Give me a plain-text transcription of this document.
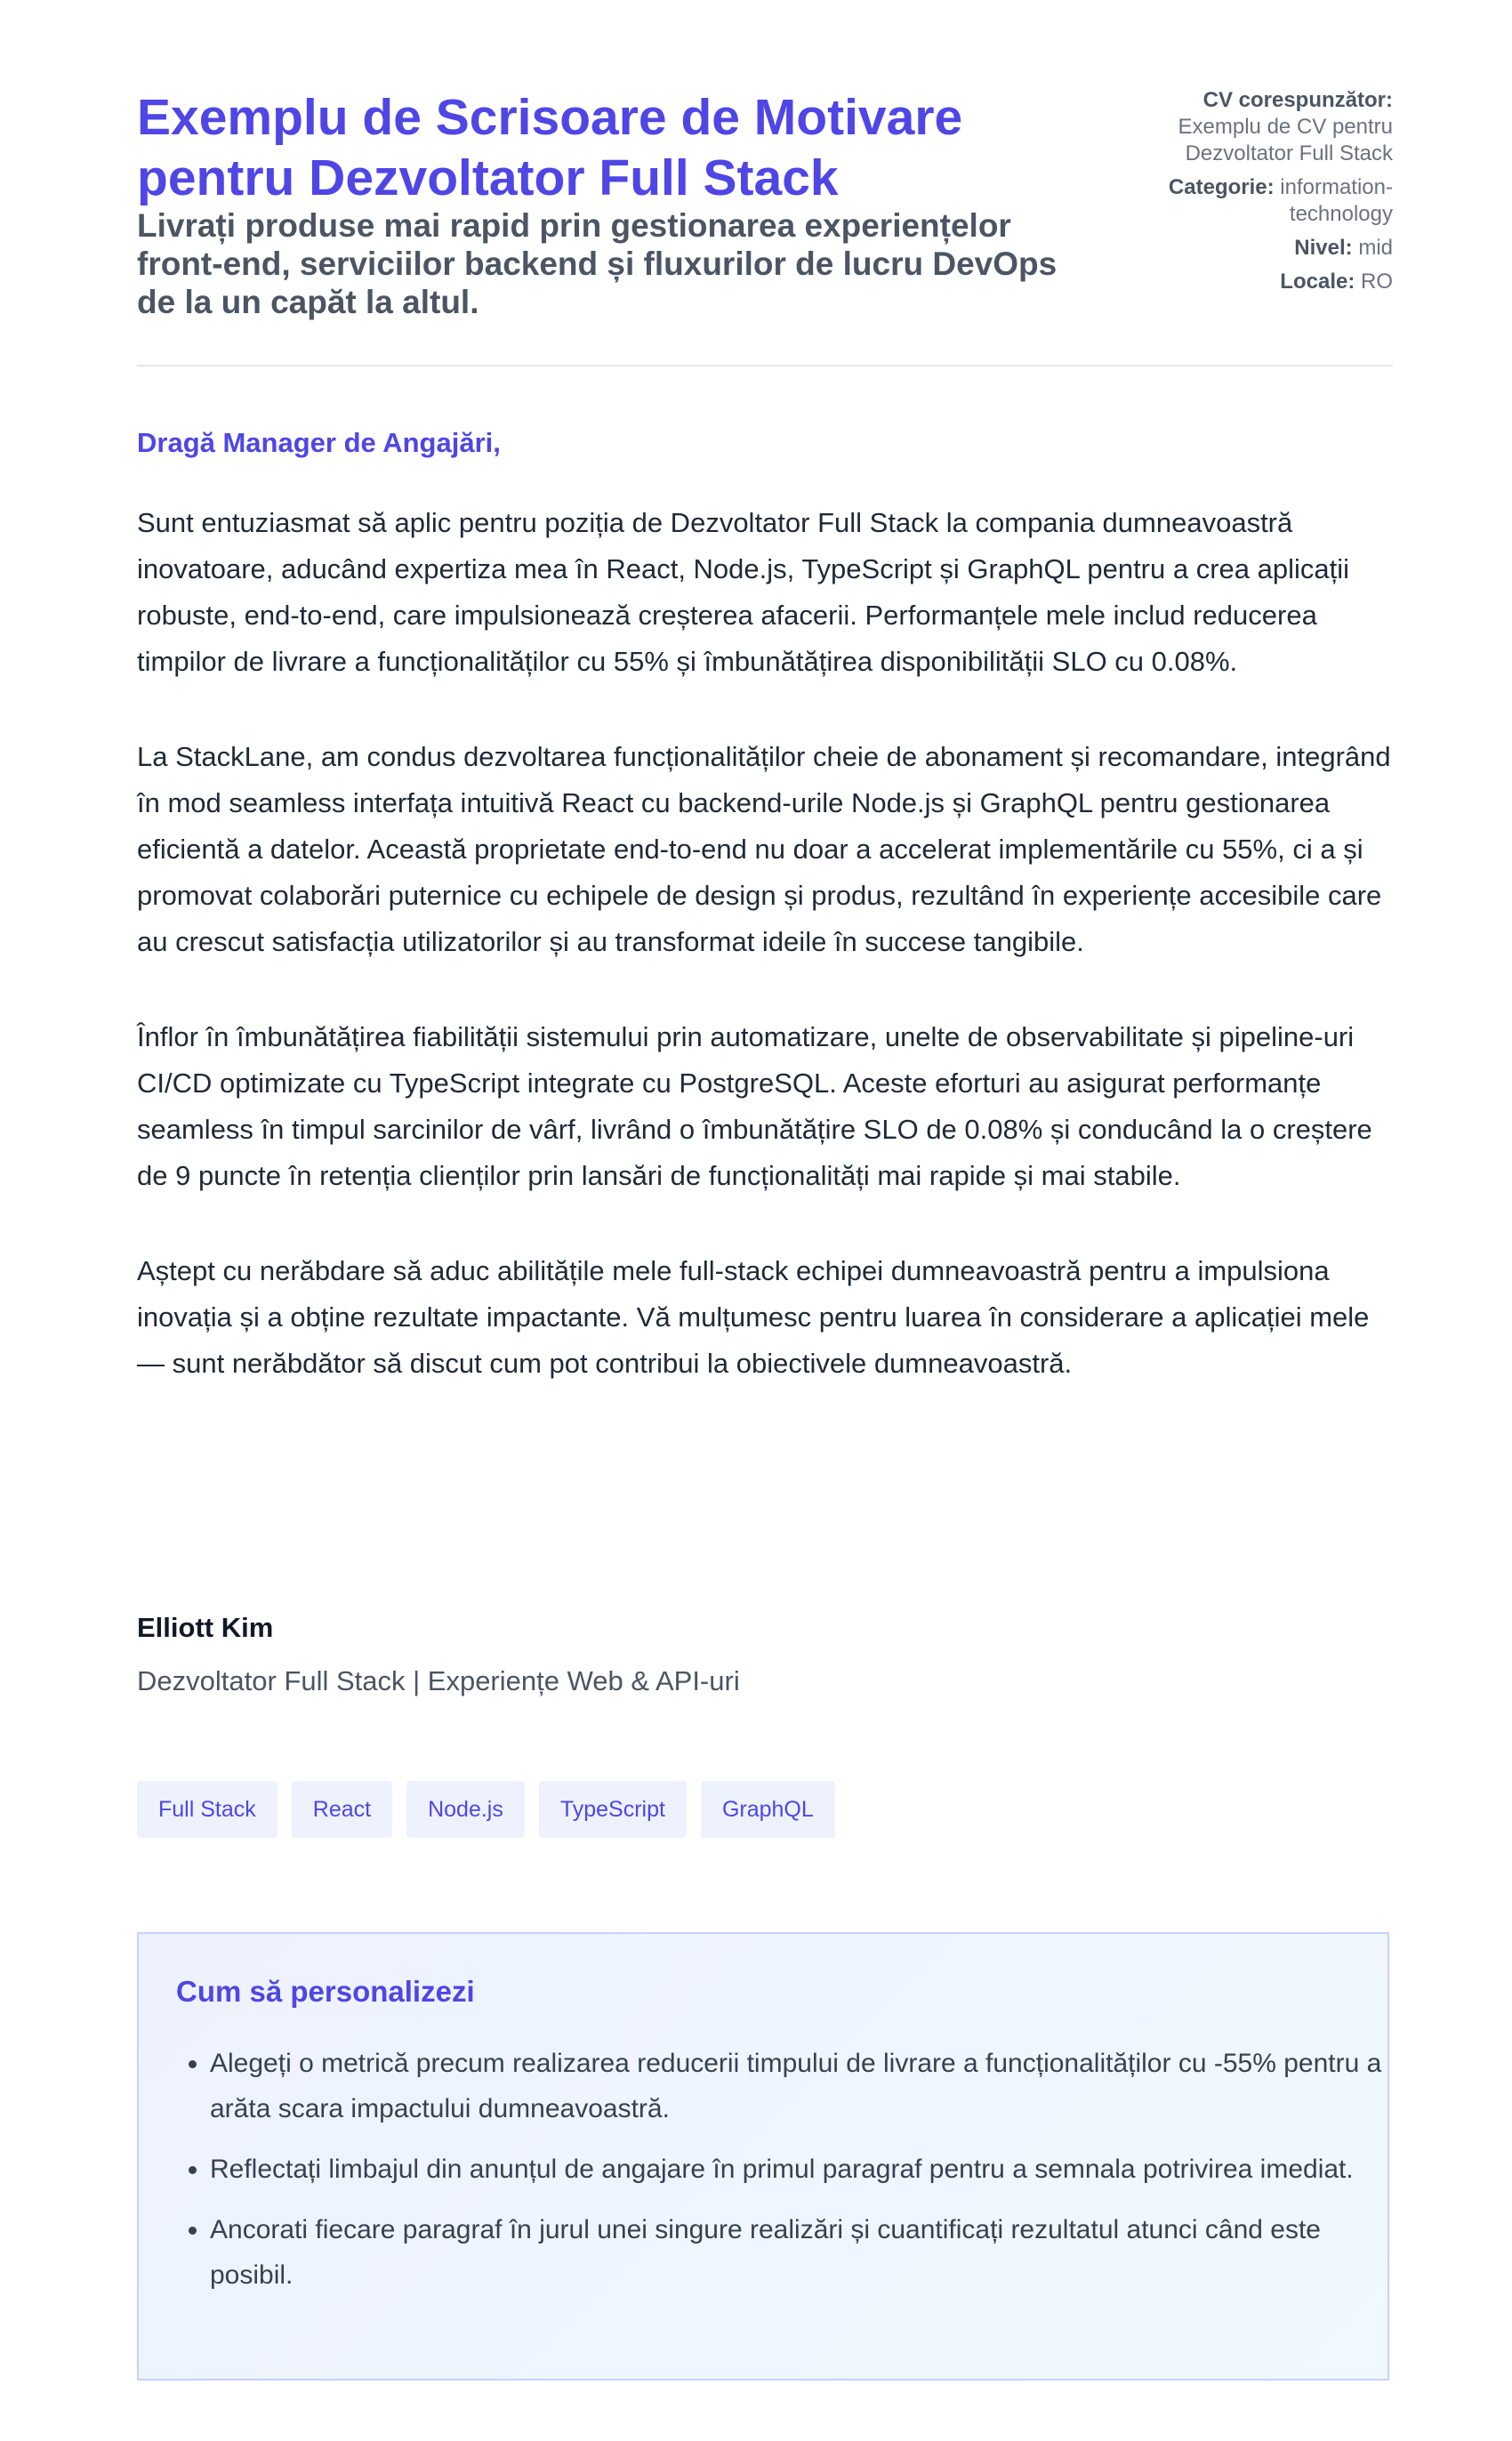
Exemplu de Scrisoare de Motivare pentru Dezvoltator Full Stack

Livrați produse mai rapid prin gestionarea experiențelor front-end, serviciilor backend și fluxurilor de lucru DevOps de la un capăt la altul.

CV corespunzător:
Exemplu de CV pentru Dezvoltator Full Stack
Categorie: information-technology
Nivel: mid
Locale: RO

Dragă Manager de Angajări,

Sunt entuziasmat să aplic pentru poziția de Dezvoltator Full Stack la compania dumneavoastră inovatoare, aducând expertiza mea în React, Node.js, TypeScript și GraphQL pentru a crea aplicații robuste, end-to-end, care impulsionează creșterea afacerii. Performanțele mele includ reducerea timpilor de livrare a funcționalităților cu 55% și îmbunătățirea disponibilității SLO cu 0.08%.

La StackLane, am condus dezvoltarea funcționalităților cheie de abonament și recomandare, integrând în mod seamless interfața intuitivă React cu backend-urile Node.js și GraphQL pentru gestionarea eficientă a datelor. Această proprietate end-to-end nu doar a accelerat implementările cu 55%, ci a și promovat colaborări puternice cu echipele de design și produs, rezultând în experiențe accesibile care au crescut satisfacția utilizatorilor și au transformat ideile în succese tangibile.

Înflor în îmbunătățirea fiabilității sistemului prin automatizare, unelte de observabilitate și pipeline-uri CI/CD optimizate cu TypeScript integrate cu PostgreSQL. Aceste eforturi au asigurat performanțe seamless în timpul sarcinilor de vârf, livrând o îmbunătățire SLO de 0.08% și conducând la o creștere de 9 puncte în retenția clienților prin lansări de funcționalități mai rapide și mai stabile.

Aștept cu nerăbdare să aduc abilitățile mele full-stack echipei dumneavoastră pentru a impulsiona inovația și a obține rezultate impactante. Vă mulțumesc pentru luarea în considerare a aplicației mele — sunt nerăbdător să discut cum pot contribui la obiectivele dumneavoastră.

Elliott Kim

Dezvoltator Full Stack | Experiențe Web & API-uri

Full Stack	React	Node.js	TypeScript	GraphQL
Cum să personalizezi
• Alegeți o metrică precum realizarea reducerii timpului de livrare a funcționalităților cu -55% pentru a arăta scara impactului dumneavoastră.
• Reflectați limbajul din anunțul de angajare în primul paragraf pentru a semnala potrivirea imediat.
• Ancorati fiecare paragraf în jurul unei singure realizări și cuantificați rezultatul atunci când este posibil.
